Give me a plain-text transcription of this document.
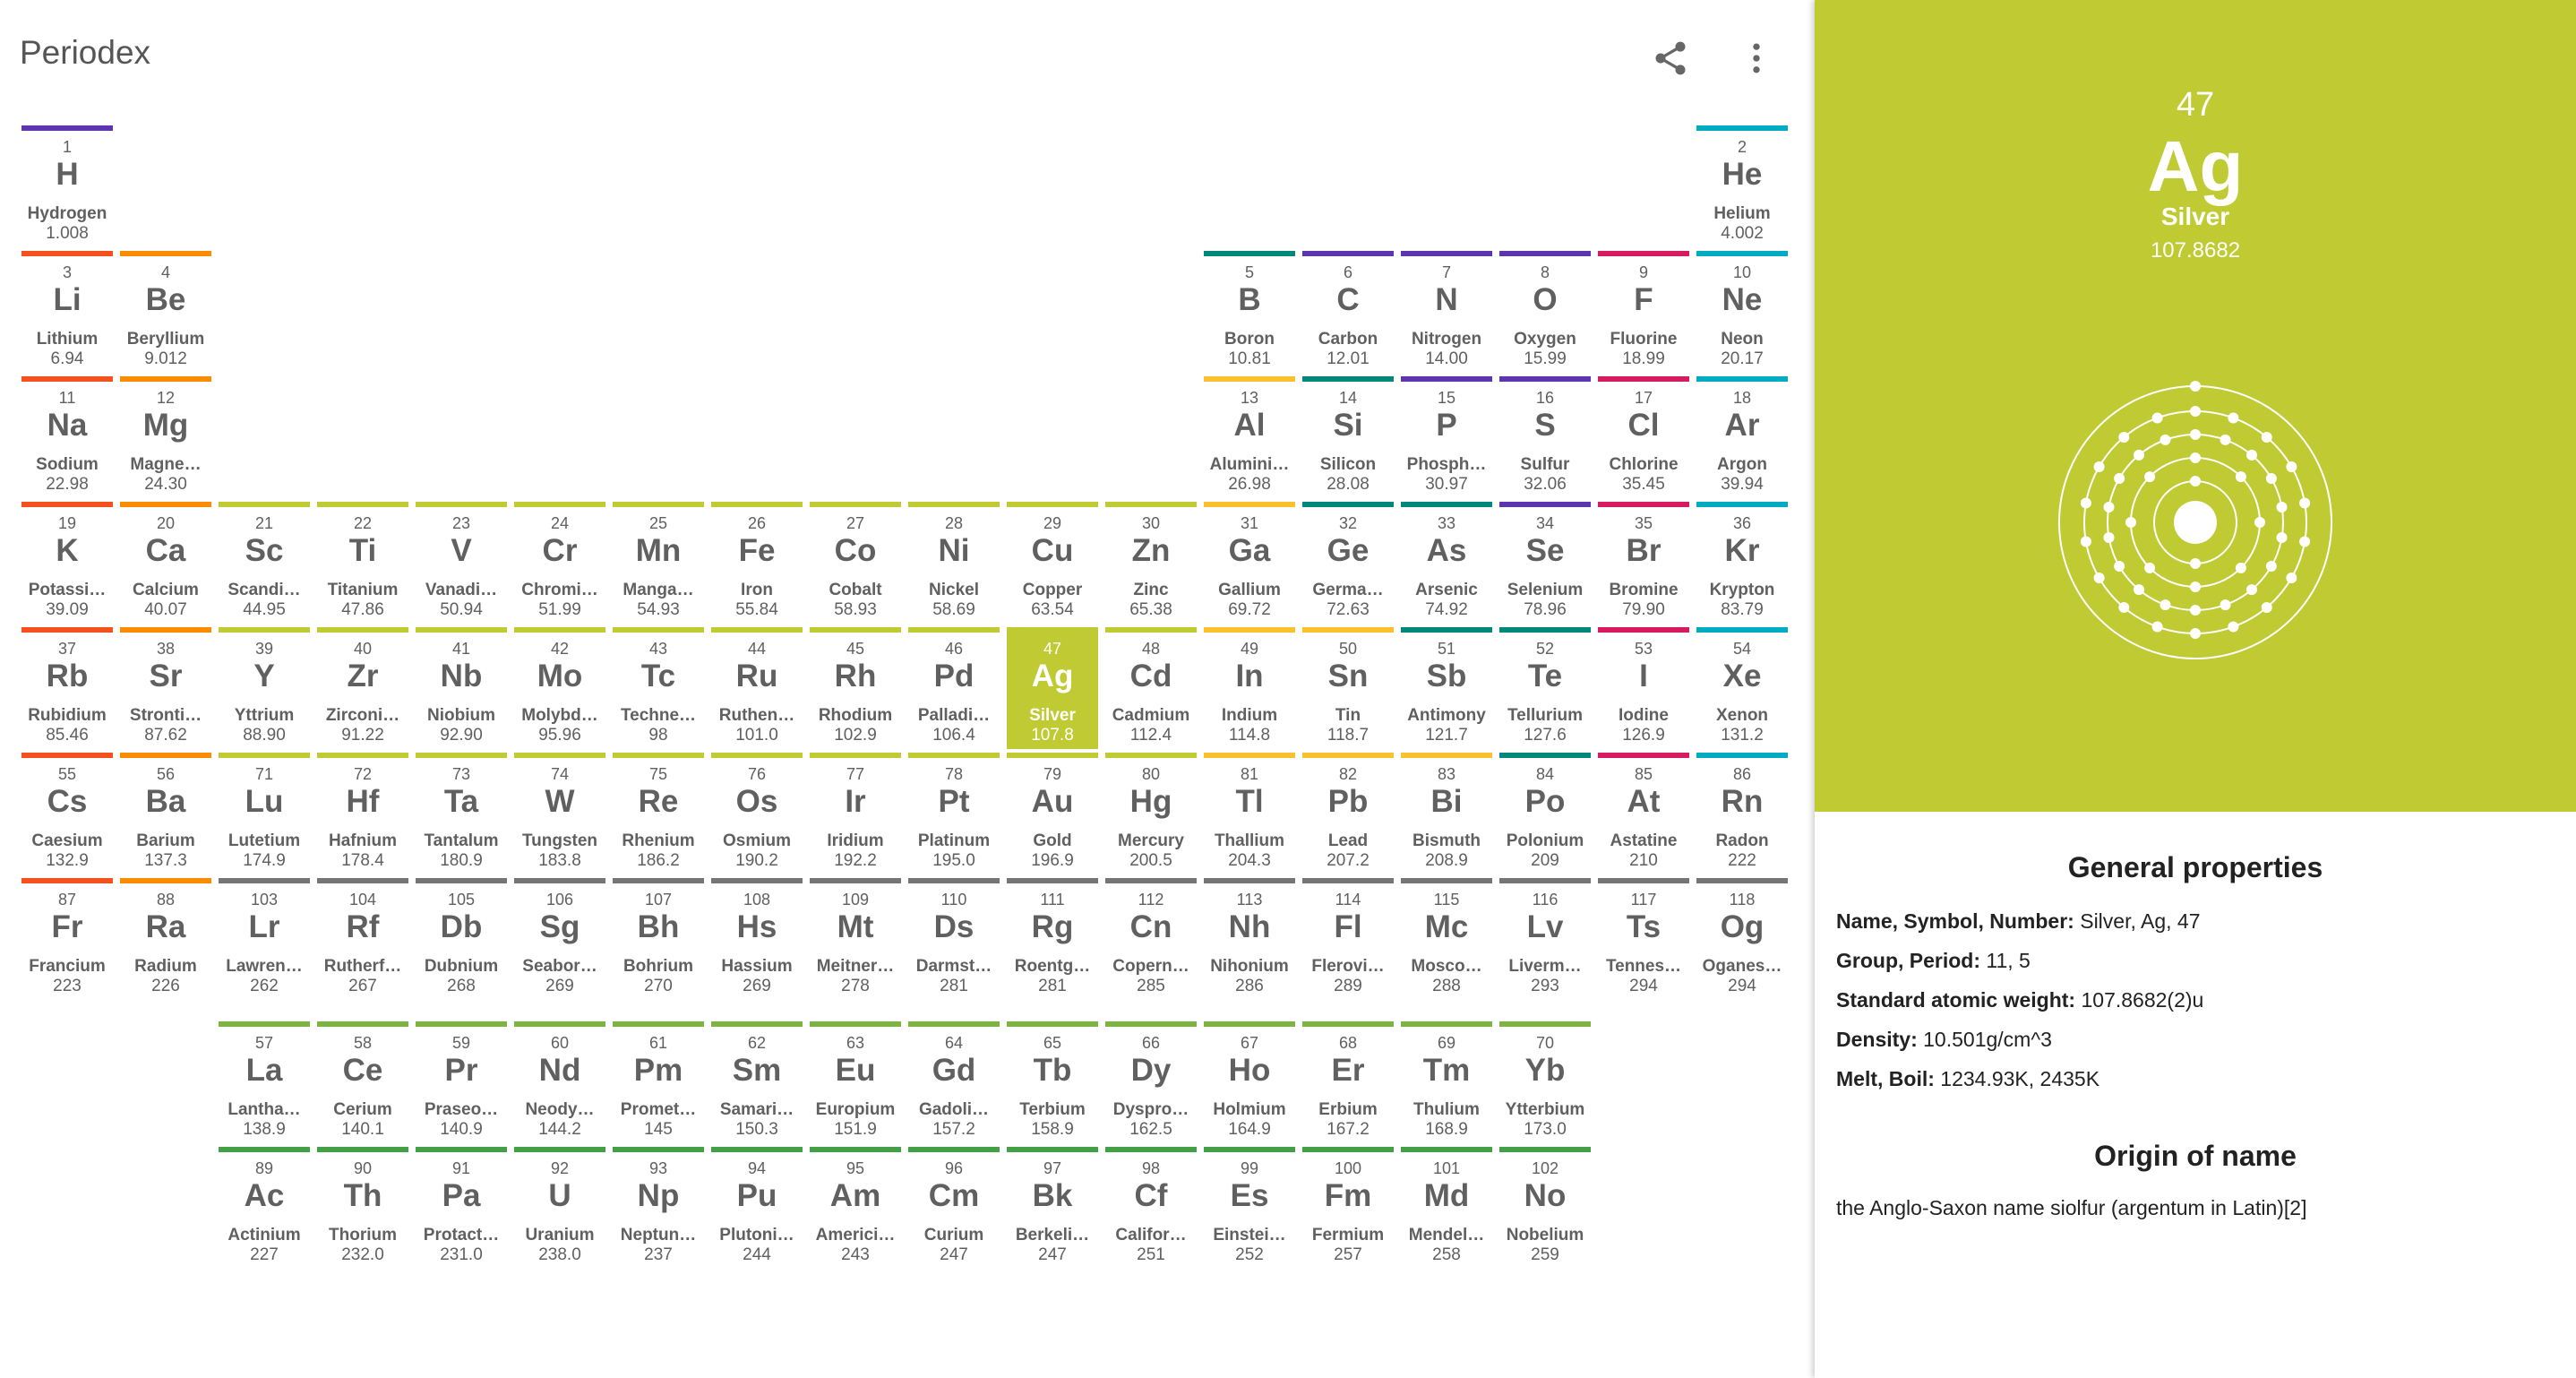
Periodex
1
H
Hydrogen
1.008
2
He
Helium
4.002
3
Li
Lithium
6.94
4
Be
Beryllium
9.012
5
B
Boron
10.81
6
C
Carbon
12.01
7
N
Nitrogen
14.00
8
O
Oxygen
15.99
9
F
Fluorine
18.99
10
Ne
Neon
20.17
11
Na
Sodium
22.98
12
Mg
Magne…
24.30
13
Al
Alumini…
26.98
14
Si
Silicon
28.08
15
P
Phosph…
30.97
16
S
Sulfur
32.06
17
Cl
Chlorine
35.45
18
Ar
Argon
39.94
19
K
Potassi…
39.09
20
Ca
Calcium
40.07
21
Sc
Scandi…
44.95
22
Ti
Titanium
47.86
23
V
Vanadi…
50.94
24
Cr
Chromi…
51.99
25
Mn
Manga…
54.93
26
Fe
Iron
55.84
27
Co
Cobalt
58.93
28
Ni
Nickel
58.69
29
Cu
Copper
63.54
30
Zn
Zinc
65.38
31
Ga
Gallium
69.72
32
Ge
Germa…
72.63
33
As
Arsenic
74.92
34
Se
Selenium
78.96
35
Br
Bromine
79.90
36
Kr
Krypton
83.79
37
Rb
Rubidium
85.46
38
Sr
Stronti…
87.62
39
Y
Yttrium
88.90
40
Zr
Zirconi…
91.22
41
Nb
Niobium
92.90
42
Mo
Molybd…
95.96
43
Tc
Techne…
98
44
Ru
Ruthen…
101.0
45
Rh
Rhodium
102.9
46
Pd
Palladi…
106.4
47
Ag
Silver
107.8
48
Cd
Cadmium
112.4
49
In
Indium
114.8
50
Sn
Tin
118.7
51
Sb
Antimony
121.7
52
Te
Tellurium
127.6
53
I
Iodine
126.9
54
Xe
Xenon
131.2
55
Cs
Caesium
132.9
56
Ba
Barium
137.3
71
Lu
Lutetium
174.9
72
Hf
Hafnium
178.4
73
Ta
Tantalum
180.9
74
W
Tungsten
183.8
75
Re
Rhenium
186.2
76
Os
Osmium
190.2
77
Ir
Iridium
192.2
78
Pt
Platinum
195.0
79
Au
Gold
196.9
80
Hg
Mercury
200.5
81
Tl
Thallium
204.3
82
Pb
Lead
207.2
83
Bi
Bismuth
208.9
84
Po
Polonium
209
85
At
Astatine
210
86
Rn
Radon
222
87
Fr
Francium
223
88
Ra
Radium
226
103
Lr
Lawren…
262
104
Rf
Rutherf…
267
105
Db
Dubnium
268
106
Sg
Seabor…
269
107
Bh
Bohrium
270
108
Hs
Hassium
269
109
Mt
Meitner…
278
110
Ds
Darmst…
281
111
Rg
Roentg…
281
112
Cn
Copern…
285
113
Nh
Nihonium
286
114
Fl
Flerovi…
289
115
Mc
Mosco…
288
116
Lv
Liverm…
293
117
Ts
Tennes…
294
118
Og
Oganes…
294
57
La
Lantha…
138.9
58
Ce
Cerium
140.1
59
Pr
Praseo…
140.9
60
Nd
Neody…
144.2
61
Pm
Promet…
145
62
Sm
Samari…
150.3
63
Eu
Europium
151.9
64
Gd
Gadoli…
157.2
65
Tb
Terbium
158.9
66
Dy
Dyspro…
162.5
67
Ho
Holmium
164.9
68
Er
Erbium
167.2
69
Tm
Thulium
168.9
70
Yb
Ytterbium
173.0
89
Ac
Actinium
227
90
Th
Thorium
232.0
91
Pa
Protact…
231.0
92
U
Uranium
238.0
93
Np
Neptun…
237
94
Pu
Plutoni…
244
95
Am
Americi…
243
96
Cm
Curium
247
97
Bk
Berkeli…
247
98
Cf
Califor…
251
99
Es
Einstei…
252
100
Fm
Fermium
257
101
Md
Mendel…
258
102
No
Nobelium
259
47
Ag
Silver
107.8682
General properties
Name, Symbol, Number: Silver, Ag, 47
Group, Period: 11, 5
Standard atomic weight: 107.8682(2)u
Density: 10.501g/cm^3
Melt, Boil: 1234.93K, 2435K
Origin of name
the Anglo-Saxon name siolfur (argentum in Latin)[2]
